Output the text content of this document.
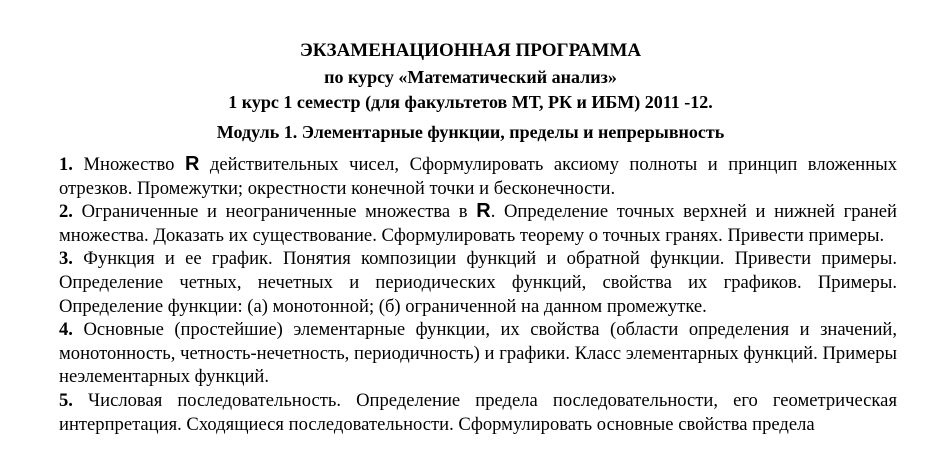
ЭКЗАМЕНАЦИОННАЯ ПРОГРАММА
по курсу «Математический анализ»
1 курс 1 семестр (для факультетов МТ, РК и ИБМ) 2011 -12.
Модуль 1. Элементарные функции, пределы и непрерывность

1. Множество R действительных чисел, Сформулировать аксиому полноты и принцип вложенных отрезков. Промежутки; окрестности конечной точки и бесконечности.

2. Ограниченные и неограниченные множества в R. Определение точных верхней и нижней граней множества. Доказать их существование. Сформулировать теорему о точных гранях. Привести примеры.

3. Функция и ее график. Понятия композиции функций и обратной функции. Привести примеры. Определение четных, нечетных и периодических функций, свойства их графиков. Примеры. Определение функции: (а) монотонной; (б) ограниченной на данном промежутке.

4. Основные (простейшие) элементарные функции, их свойства (области определения и значений, монотонность, четность-нечетность, периодичность) и графики. Класс элементарных функций. Примеры неэлементарных функций.

5. Числовая последовательность. Определение предела последовательности, его геометрическая интерпретация. Сходящиеся последовательности. Сформулировать основные свойства предела
